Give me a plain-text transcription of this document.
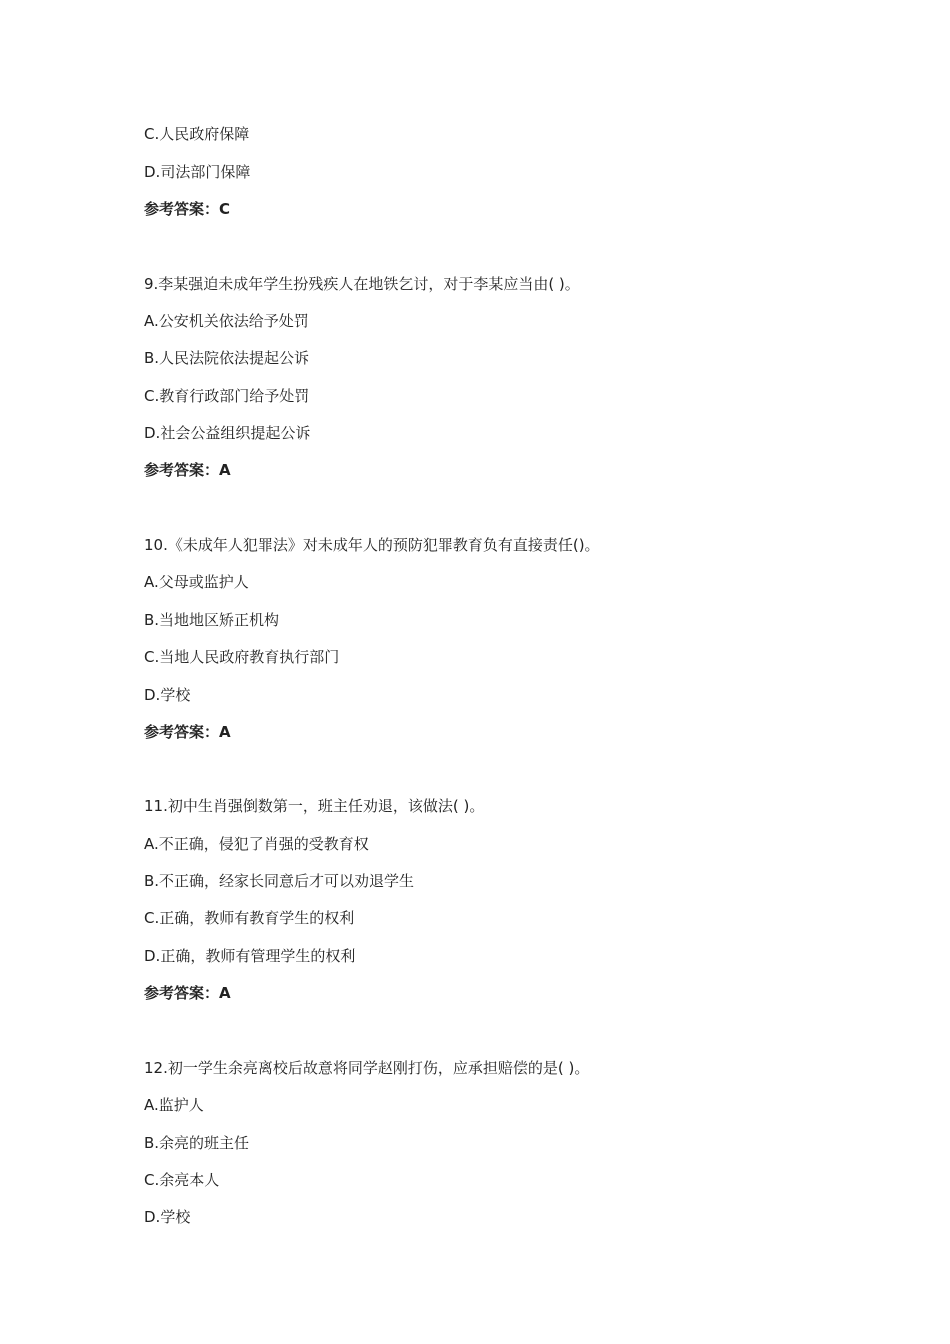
C.人民政府保障
D.司法部门保障
参考答案：C
9.李某强迫未成年学生扮残疾人在地铁乞讨，对于李某应当由( )。
A.公安机关依法给予处罚
B.人民法院依法提起公诉
C.教育行政部门给予处罚
D.社会公益组织提起公诉
参考答案：A
10.《未成年人犯罪法》对未成年人的预防犯罪教育负有直接责任()。
A.父母或监护人
B.当地地区矫正机构
C.当地人民政府教育执行部门
D.学校
参考答案：A
11.初中生肖强倒数第一，班主任劝退，该做法( )。
A.不正确，侵犯了肖强的受教育权
B.不正确，经家长同意后才可以劝退学生
C.正确，教师有教育学生的权利
D.正确，教师有管理学生的权利
参考答案：A
12.初一学生余亮离校后故意将同学赵刚打伤，应承担赔偿的是( )。
A.监护人
B.余亮的班主任
C.余亮本人
D.学校
